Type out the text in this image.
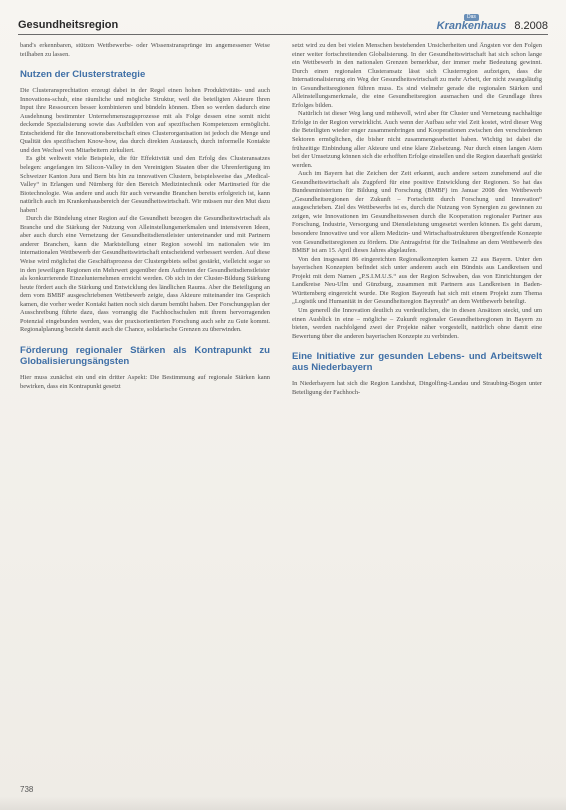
Gesundheitsregion
Das
Krankenhaus 8.2008

band's erkennbaren, stützen Wettbewerbe- oder Wissenstransprünge im angemessener Weise teilhaben zu lassen.

Nutzen der Clusterstrategie

Die Clusteransprechtation erzeugt dabei in der Regel einen hohen Produktivitäts- und auch Innovations-schub, eine räumliche und mögliche Struktur, weil die beteiligten Akteure Ihren Input ihre Ressourcen besser kombinieren und bündeln können. Eben so werden dadurch eine Ausdehnung bestimmter Unternehmenszugsprozesse mit als Folge dessen eine somit nicht deckende Spezialisierung sowie das Aufbilden von auf spezifischen Kompetenzen ermöglicht. Entscheidend für die Innovationsbereitschaft eines Clusterorganisation ist jedoch die Menge und Qualität des spezifischen Know-how, das durch direkten Austausch, durch informelle Kontakte und den Wechsel von Mitarbeitern zirkuliert.

Es gibt weltweit viele Beispiele, die für Effektivität und den Erfolg des Clusteransatzes belegen: angefangen im Silicon-Valley in den Vereinigten Staaten über die Uhrenfertigung im Schweizer Kanton Jura und Bern bis hin zu innovativen Clustern, beispielsweise das „Medical-Valley“ in Erlangen und Nürnberg für den Bereich Medizintechnik oder Martinsried für die Biotechnologie. Was andere und auch für auch verwandte Branchen bereits erfolgreich ist, kann natürlich auch im Krankenhausbereich der Gesundheitswirtschaft. Wir müssen nur den Mut dazu haben!

Durch die Bündelung einer Region auf die Gesundheit bezogen die Gesundheitswirtschaft als Branche und die Stärkung der Nutzung von Alleinstellungsmerkmalen und intensiveren Ideen, aber auch durch eine Vernetzung der Gesundheitsdienstleister untereinander und mit Partnern anderer Branchen, kann die Marktstellung einer Region sowohl im nationalen wie im internationalen Wettbewerb der Gesundheitswirtschaft entscheidend verbessert werden. Auf diese Weise wird möglichst die Geschäftsprozess der Clustergebiets selbst gestärkt, vielleicht sogar so in den jeweiligen Regionen ein Mehrwert gegenüber dem Auftreten der Gesundheitsdienstleister als konkurrierende Einzelunternehmen erreicht werden. Ob sich in der Cluster-Bildung Stärkung heute fördert auch die Stärkung und Entwicklung des ländlichen Raums. Aber die Beteiligung an dem vom BMBF ausgeschriebenen Wettbewerb zeigte, dass Akteure miteinander ins Gespräch kamen, die vorher weder Kontakt hatten noch sich darum bemüht haben. Der Forschungsplan der Ausschreibung führte dazu, dass vorrangig die Fachhochschulen mit ihrem hervorragenden Potenzial eingebunden werden, was der praxisorientierten Forschung auch sehr zu Gute kommt. Regionalplanung bezieht damit auch die Chance, solidarische Grenzen zu überwinden.

Förderung regionaler Stärken als Kontrapunkt zu Globalisierungsängsten

Hier muss zunächst ein und ein dritter Aspekt: Die Bestimmung auf regionale Stärken kann bewirken, dass ein Kontrapunkt gesetzt

setzt wird zu den bei vielen Menschen bestehenden Unsicherheiten und Ängsten vor den Folgen einer weiter fortschreitenden Globalisierung. In der Gesundheitswirtschaft hat sich schon lange ein Wettbewerb in den nationalen Grenzen bemerkbar, der immer mehr Bedeutung gewinnt. Durch einen regionalen Clusteransatz lässt sich Clusterregion aufzeigen, dass die Internationalisierung ein Weg der Gesundheitswirtschaft zu mehr Arbeit, der nicht zwangsläufig in Gesundheitsregionen führen muss. Es sind vielmehr gerade die regionalen Stärken und Alleinstellungsmerkmale, die eine Gesundheitsregion ausmachen und die Grundlage ihres Erfolges bilden.

Natürlich ist dieser Weg lang und mühevoll, wird aber für Cluster und Vernetzung nachhaltige Erfolge in der Region verwirklicht. Auch wenn der Aufbau sehr viel Zeit kostet, wird dieser Weg die Beteiligten wieder enger zusammenbringen und Kooperationen zwischen den verschiedenen Sektoren ermöglichen, die bisher nicht zusammengearbeitet haben. Wichtig ist dabei die frühzeitige Einbindung aller Akteure und eine klare Zielsetzung. Nur durch einen langen Atem bei der Umsetzung können sich die erhofften Erfolge einstellen und die Region dauerhaft gestärkt werden.

Auch im Bayern hat die Zeichen der Zeit erkannt, auch andere setzen zunehmend auf die Gesundheitswirtschaft als Zugpferd für eine positive Entwicklung der Regionen. So hat das Bundesministerium für Bildung und Forschung (BMBF) im Januar 2008 den Wettbewerb „Gesundheitsregionen der Zukunft – Fortschritt durch Forschung und Innovation“ ausgeschrieben. Ziel des Wettbewerbs ist es, durch die Nutzung von Synergien zu gewinnen zu zeigen, wie Innovationen im Gesundheitswesen durch die Kooperation regionaler Partner aus Forschung, Industrie, Versorgung und Dienstleistung umgesetzt werden können. Es geht darum, besondere Innovative und vor allem Medizin- und Wirtschaftsstrukturen übergreifende Konzepte von Gesundheitsregionen zu fördern. Die Antragsfrist für die Teilnahme an dem Wettbewerb des BMBF ist am 15. April dieses Jahres abgelaufen.

Von den insgesamt 86 eingereichten Regionalkonzepten kamen 22 aus Bayern. Unter den bayerischen Konzepten befindet sich unter anderem auch ein Bündnis aus Landkreisen und Projekt mit dem Namen „P.S.I.M.U.S.“ aus der Region Schwaben, das von Einrichtungen der Landkreise Neu-Ulm und Günzburg, zusammen mit Partnern aus Landkreisen in Baden-Württemberg eingereicht wurde. Die Region Bayreuth hat sich mit einem Projekt zum Thema „Logistik und Humanität in der Gesundheitsregion Bayreuth“ an dem Wettbewerb beteiligt.

Um generell die Innovation deutlich zu verdeutlichen, die in diesen Ansätzen steckt, und um einen Ausblick in eine – mögliche – Zukunft regionaler Gesundheitsregionen in Bayern zu bieten, werden nachfolgend zwei der Projekte näher vorgestellt, natürlich ohne damit eine Bewertung über die anderen bayerischen Konzepte zu verbinden.

Eine Initiative zur gesunden Lebens- und Arbeitswelt aus Niederbayern

In Niederbayern hat sich die Region Landshut, Dingolfing-Landau und Straubing-Bogen unter Beteiligung der Fachhoch-

738
